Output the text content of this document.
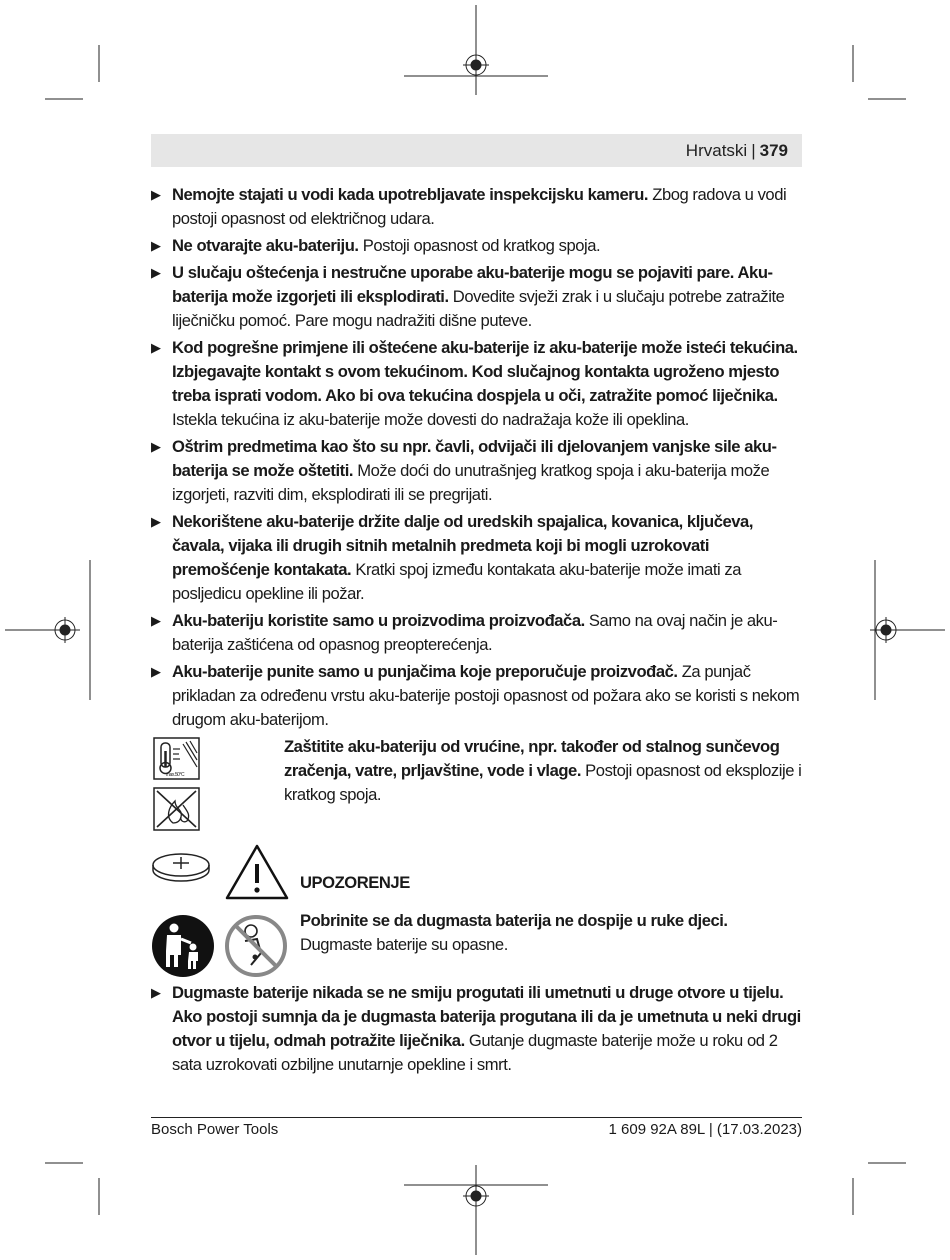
Hrvatski | 379
▶ Nemojte stajati u vodi kada upotrebljavate inspekcijsku kameru. Zbog radova u vodi postoji opasnost od električnog udara.
▶ Ne otvarajte aku-bateriju. Postoji opasnost od kratkog spoja.
▶ U slučaju oštećenja i nestručne uporabe aku-baterije mogu se pojaviti pare. Aku-baterija može izgorjeti ili eksplodirati. Dovedite svježi zrak i u slučaju potrebe zatražite liječničku pomoć. Pare mogu nadražiti dišne puteve.
▶ Kod pogrešne primjene ili oštećene aku-baterije iz aku-baterije može isteći tekućina. Izbjegavajte kontakt s ovom tekućinom. Kod slučajnog kontakta ugroženo mjesto treba isprati vodom. Ako bi ova tekućina dospjela u oči, zatražite pomoć liječnika. Istekla tekućina iz aku-baterije može dovesti do nadražaja kože ili opeklina.
▶ Oštrim predmetima kao što su npr. čavli, odvijači ili djelovanjem vanjske sile aku-baterija se može oštetiti. Može doći do unutrašnjeg kratkog spoja i aku-baterija može izgorjeti, razviti dim, eksplodirati ili se pregrijati.
▶ Nekorištene aku-baterije držite dalje od uredskih spajalica, kovanica, ključeva, čavala, vijaka ili drugih sitnih metalnih predmeta koji bi mogli uzrokovati premošćenje kontakata. Kratki spoj između kontakata aku-baterije može imati za posljedicu opekline ili požar.
▶ Aku-bateriju koristite samo u proizvodima proizvođača. Samo na ovaj način je aku-baterija zaštićena od opasnog preopterećenja.
▶ Aku-baterije punite samo u punjačima koje preporučuje proizvođač. Za punjač prikladan za određenu vrstu aku-baterije postoji opasnost od požara ako se koristi s nekom drugom aku-baterijom.
max.50°C
Zaštitite aku-bateriju od vrućine, npr. također od stalnog sunčevog zračenja, vatre, prljavštine, vode i vlage. Postoji opasnost od eksplozije i kratkog spoja.
UPOZORENJE
Pobrinite se da dugmasta baterija ne dospije u ruke djeci. Dugmaste baterije su opasne.
▶ Dugmaste baterije nikada se ne smiju progutati ili umetnuti u druge otvore u tijelu. Ako postoji sumnja da je dugmasta baterija progutana ili da je umetnuta u neki drugi otvor u tijelu, odmah potražite liječnika. Gutanje dugmaste baterije može u roku od 2 sata uzrokovati ozbiljne unutarnje opekline i smrt.
Bosch Power Tools	1 609 92A 89L | (17.03.2023)
